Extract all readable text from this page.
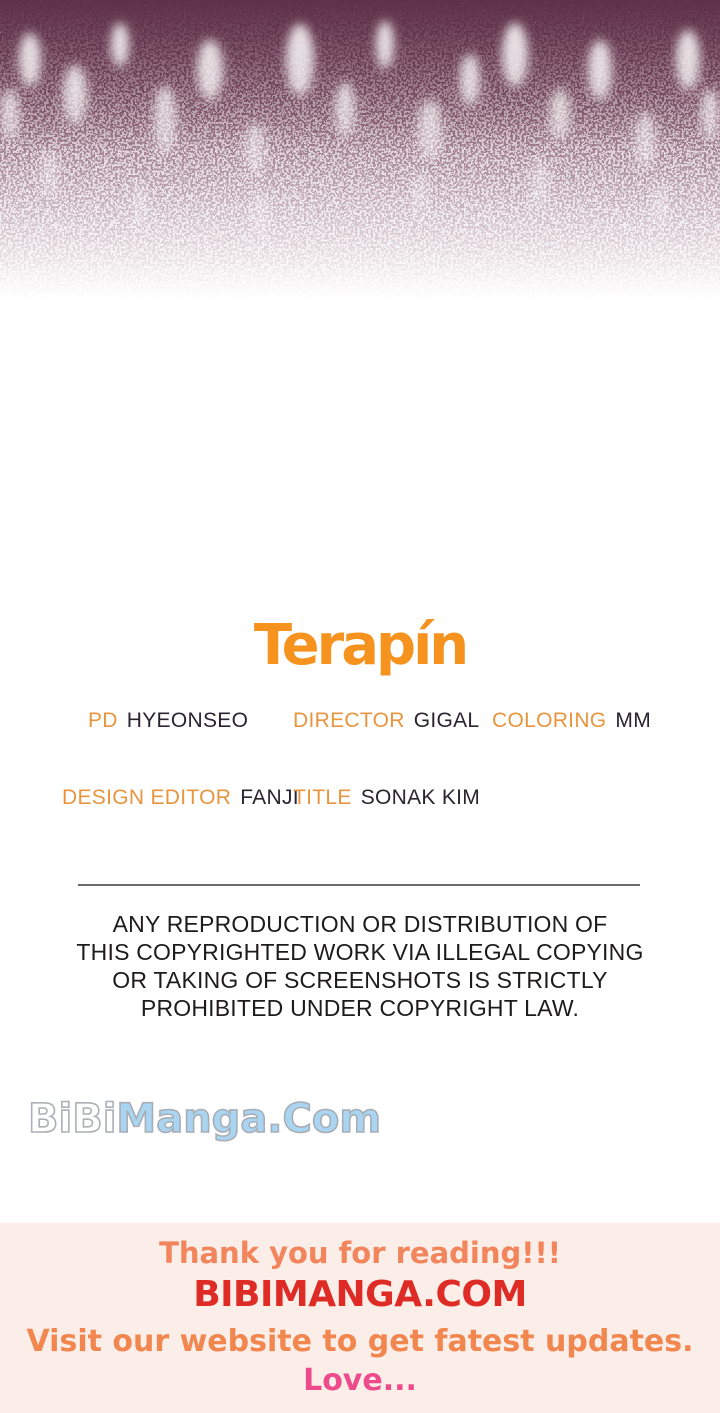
Terapín
PD HYEONSEO DIRECTOR GIGAL COLORING MM
DESIGN EDITOR FANJI
TITLE SONAK KIM
ANY REPRODUCTION OR DISTRIBUTION OF
THIS COPYRIGHTED WORK VIA ILLEGAL COPYING
OR TAKING OF SCREENSHOTS IS STRICTLY
PROHIBITED UNDER COPYRIGHT LAW.
BiBiManga.Com
Thank you for reading!!!
BIBIMANGA.COM
Visit our website to get fatest updates.
Love...
